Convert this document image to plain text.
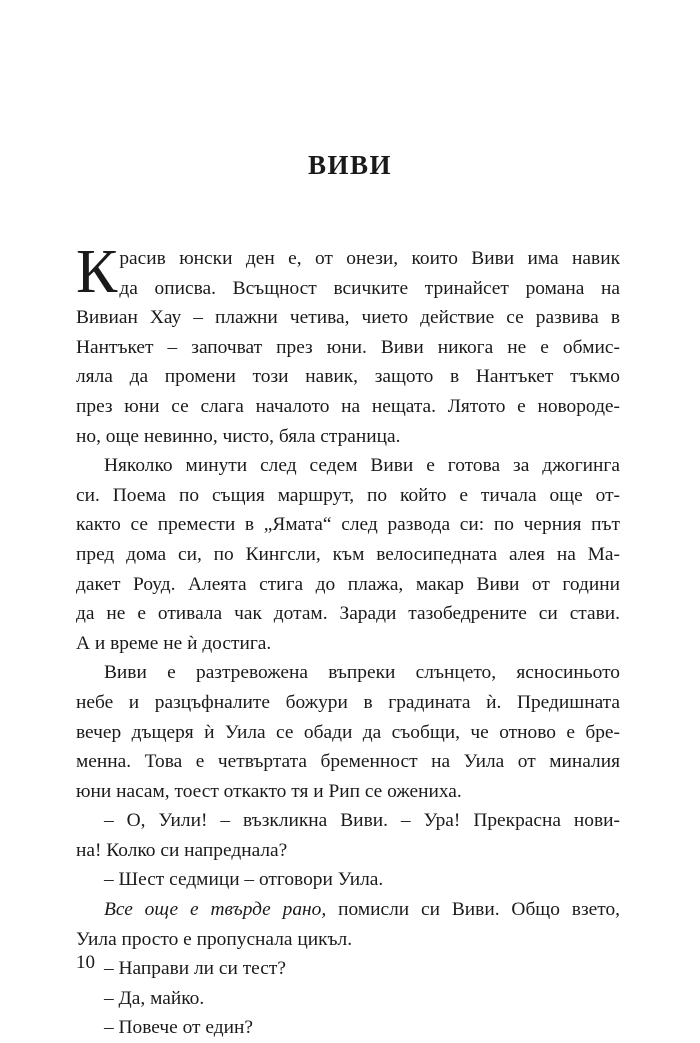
ВИВИ
К расив юнски ден е, от онези, които Виви има навик
да описва. Всъщност всичките тринайсет романа на
Вивиан Хау – плажни четива, чието действие се развива в
Нантъкет – започват през юни. Виви никога не е обмис-
ляла да промени този навик, защото в Нантъкет тъкмо
през юни се слага началото на нещата. Лятото е новороде-
но, още невинно, чисто, бяла страница.
Няколко минути след седем Виви е готова за джогинга
си. Поема по същия маршрут, по който е тичала още от-
както се премести в „Ямата“ след развода си: по черния път
пред дома си, по Кингсли, към велосипедната алея на Ма-
дакет Роуд. Алеята стига до плажа, макар Виви от години
да не е отивала чак дотам. Заради тазобедрените си стави.
А и време не ѝ достига.
Виви е разтревожена въпреки слънцето, ясносиньото
небе и разцъфналите божури в градината ѝ. Предишната
вечер дъщеря ѝ Уила се обади да съобщи, че отново е бре-
менна. Това е четвъртата бременност на Уила от миналия
юни насам, тоест откакто тя и Рип се ожениха.
– О, Уили! – възкликна Виви. – Ура! Прекрасна нови-
на! Колко си напреднала?
– Шест седмици – отговори Уила.
Все още е твърде рано, помисли си Виви. Общо взето,
Уила просто е пропуснала цикъл.
– Направи ли си тест?
– Да, майко.
– Повече от един?

10
